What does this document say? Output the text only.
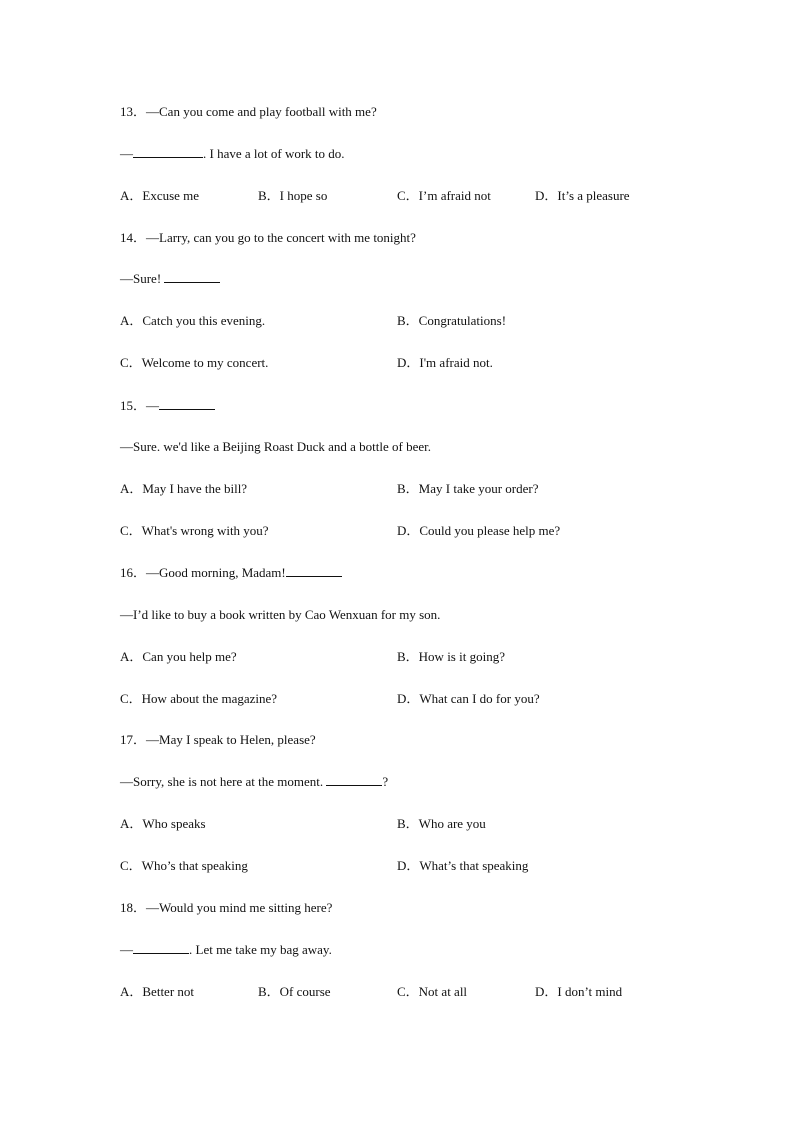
13．—Can you come and play football with me?
—	. I have a lot of work to do.
A．Excuse me	B．I hope so	C．I’m afraid not	D．It’s a pleasure
14．—Larry, can you go to the concert with me tonight?
—Sure!
A．Catch you this evening.	B．Congratulations!
C．Welcome to my concert.	D．I'm afraid not.
15．—
—Sure. we'd like a Beijing Roast Duck and a bottle of beer.
A．May I have the bill?	B．May I take your order?
C．What's wrong with you?	D．Could you please help me?
16．—Good morning, Madam!
—I’d like to buy a book written by Cao Wenxuan for my son.
A．Can you help me?	B．How is it going?
C．How about the magazine?	D．What can I do for you?
17．—May I speak to Helen, please?
—Sorry, she is not here at the moment.	?
A．Who speaks	B．Who are you
C．Who’s that speaking	D．What’s that speaking
18．—Would you mind me sitting here?
—	. Let me take my bag away.
A．Better not	B．Of course	C．Not at all	D．I don’t mind
